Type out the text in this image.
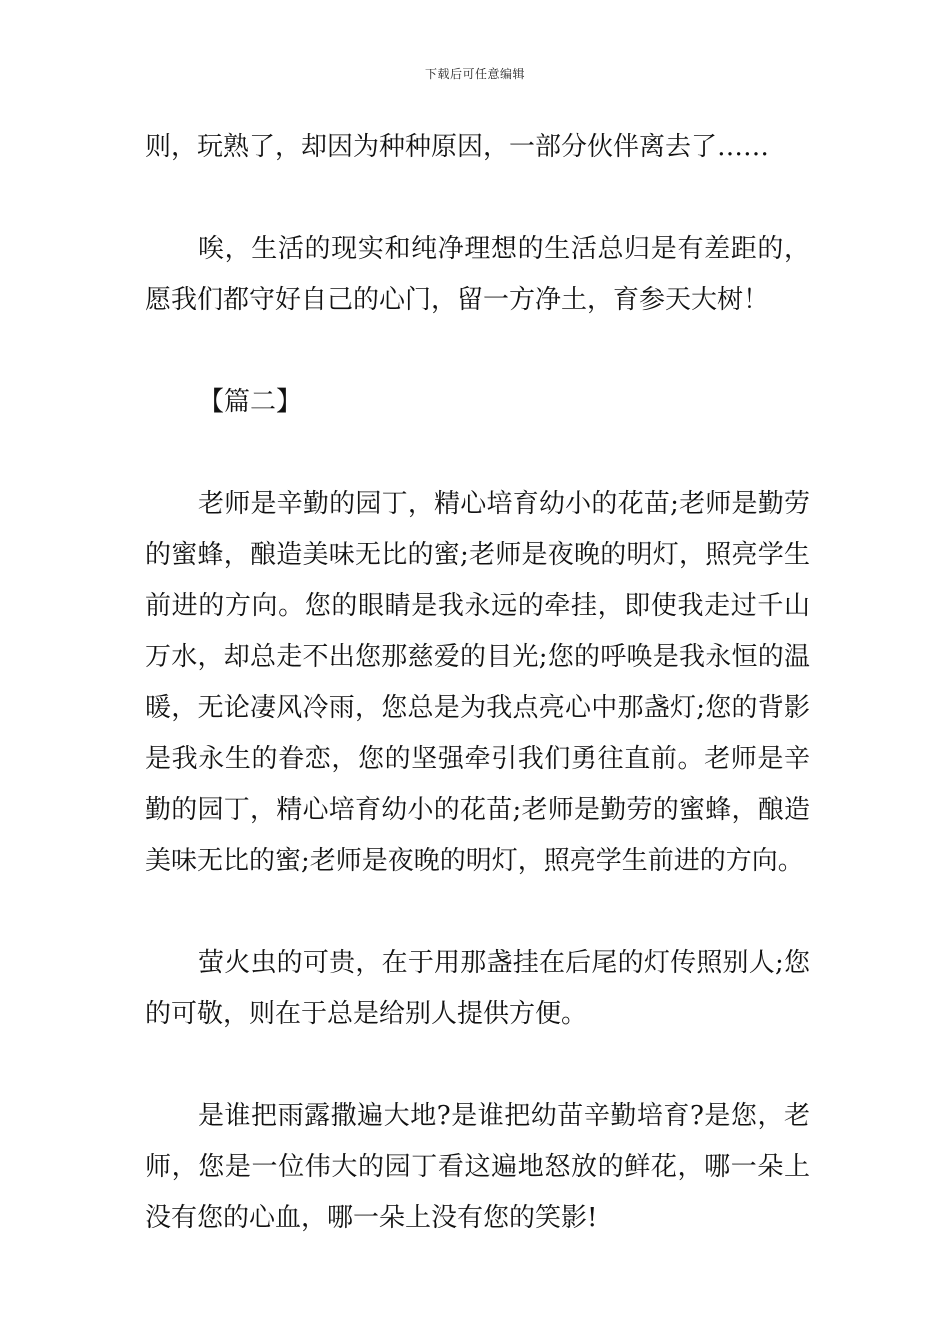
下载后可任意编辑

则，玩熟了，却因为种种原因，一部分伙伴离去了……

唉，生活的现实和纯净理想的生活总归是有差距的，愿我们都守好自己的心门，留一方净土，育参天大树！

【篇二】

老师是辛勤的园丁，精心培育幼小的花苗;老师是勤劳的蜜蜂，酿造美味无比的蜜;老师是夜晚的明灯，照亮学生前进的方向。您的眼睛是我永远的牵挂，即使我走过千山万水，却总走不出您那慈爱的目光;您的呼唤是我永恒的温暖，无论凄风冷雨，您总是为我点亮心中那盏灯;您的背影是我永生的眷恋，您的坚强牵引我们勇往直前。老师是辛勤的园丁，精心培育幼小的花苗;老师是勤劳的蜜蜂，酿造美味无比的蜜;老师是夜晚的明灯，照亮学生前进的方向。

萤火虫的可贵，在于用那盏挂在后尾的灯传照别人;您的可敬，则在于总是给别人提供方便。

是谁把雨露撒遍大地?是谁把幼苗辛勤培育?是您，老师，您是一位伟大的园丁看这遍地怒放的鲜花，哪一朵上没有您的心血，哪一朵上没有您的笑影!
